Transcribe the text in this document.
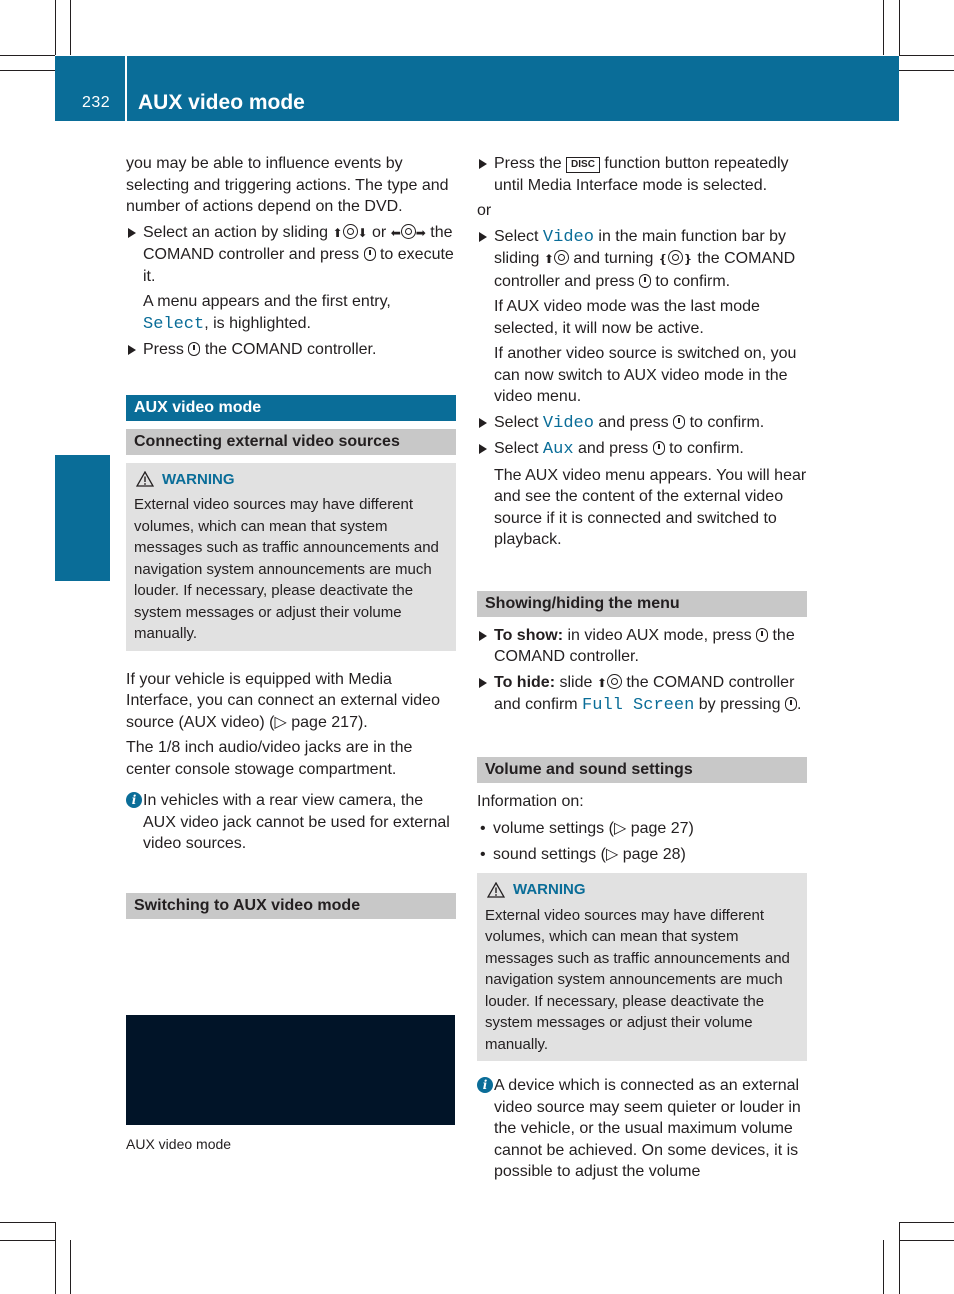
232 AUX video mode

you may be able to influence events by selecting and triggering actions. The type and number of actions depend on the DVD.

Select an action by sliding ⬆ ⬇ or ⬅ ➡ the COMAND controller and press to execute it.
A menu appears and the first entry, Select, is highlighted.
Press the COMAND controller.
AUX video mode
Connecting external video sources
WARNING
External video sources may have different volumes, which can mean that system messages such as traffic announcements and navigation system announcements are much louder. If necessary, please deactivate the system messages or adjust their volume manually.

If your vehicle is equipped with Media Interface, you can connect an external video source (AUX video) (▷ page 217).

The 1/8 inch audio/video jacks are in the center console stowage compartment.

i In vehicles with a rear view camera, the AUX video jack cannot be used for external video sources.
Switching to AUX video mode
AUX video mode
Press the DISC function button repeatedly until Media Interface mode is selected.

or

Select Video in the main function bar by sliding ⬆ and turning ❴ ❵ the COMAND controller and press to confirm.
If AUX video mode was the last mode selected, it will now be active.
If another video source is switched on, you can now switch to AUX video mode in the video menu.
Select Video and press to confirm.
Select Aux and press to confirm.
The AUX video menu appears. You will hear and see the content of the external video source if it is connected and switched to playback.
Showing/hiding the menu
To show: in video AUX mode, press the COMAND controller.
To hide: slide ⬆ the COMAND controller and confirm Full Screen by pressing .
Volume and sound settings

Information on:

• volume settings (▷ page 27)
• sound settings (▷ page 28)
WARNING
External video sources may have different volumes, which can mean that system messages such as traffic announcements and navigation system announcements are much louder. If necessary, please deactivate the system messages or adjust their volume manually.
i A device which is connected as an external video source may seem quieter or louder in the vehicle, or the usual maximum volume cannot be achieved. On some devices, it is possible to adjust the volume
